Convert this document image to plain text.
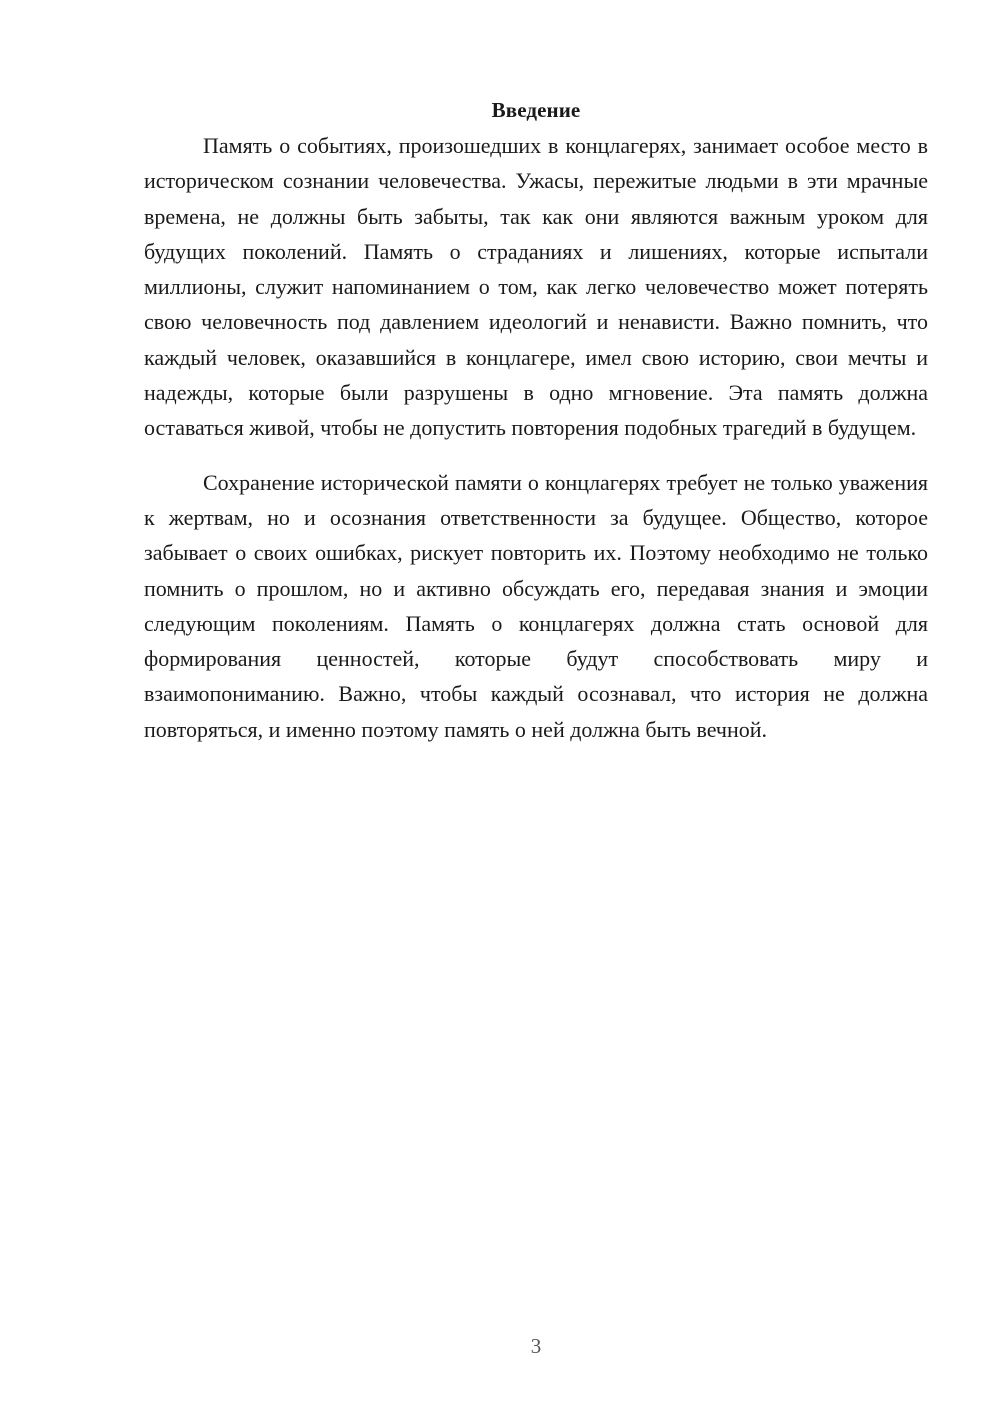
Введение

Память о событиях, произошедших в концлагерях, занимает особое место в историческом сознании человечества. Ужасы, пережитые людьми в эти мрачные времена, не должны быть забыты, так как они являются важным уроком для будущих поколений. Память о страданиях и лишениях, которые испытали миллионы, служит напоминанием о том, как легко человечество может потерять свою человечность под давлением идеологий и ненависти. Важно помнить, что каждый человек, оказавшийся в концлагере, имел свою историю, свои мечты и надежды, которые были разрушены в одно мгновение. Эта память должна оставаться живой, чтобы не допустить повторения подобных трагедий в будущем.

Сохранение исторической памяти о концлагерях требует не только уважения к жертвам, но и осознания ответственности за будущее. Общество, которое забывает о своих ошибках, рискует повторить их. Поэтому необходимо не только помнить о прошлом, но и активно обсуждать его, передавая знания и эмоции следующим поколениям. Память о концлагерях должна стать основой для формирования ценностей, которые будут способствовать миру и взаимопониманию. Важно, чтобы каждый осознавал, что история не должна повторяться, и именно поэтому память о ней должна быть вечной.

3
